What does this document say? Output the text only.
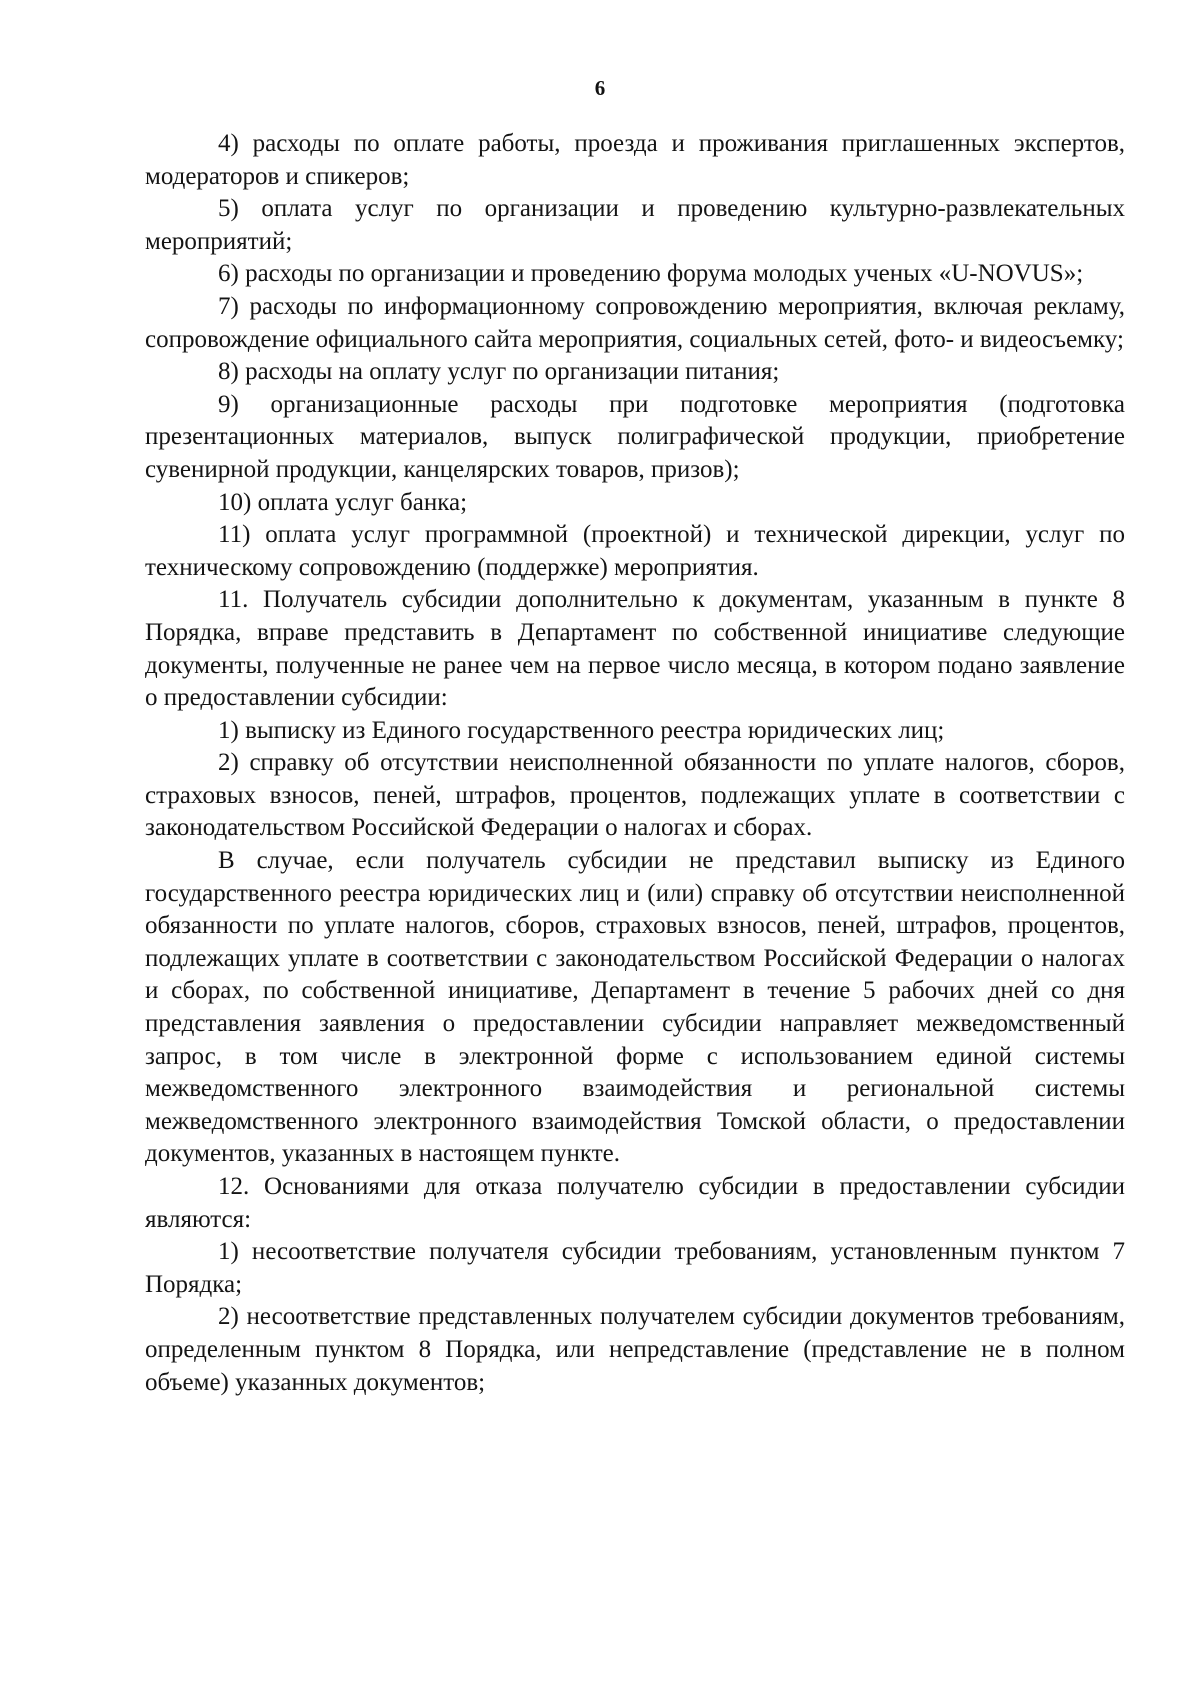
6

4) расходы по оплате работы, проезда и проживания приглашенных экспертов, модераторов и спикеров;

5) оплата услуг по организации и проведению культурно-развлекательных мероприятий;

6) расходы по организации и проведению форума молодых ученых «U-NOVUS»;

7) расходы по информационному сопровождению мероприятия, включая рекламу, сопровождение официального сайта мероприятия, социальных сетей, фото- и видеосъемку;

8) расходы на оплату услуг по организации питания;

9) организационные расходы при подготовке мероприятия (подготовка презентационных материалов, выпуск полиграфической продукции, приобретение сувенирной продукции, канцелярских товаров, призов);

10) оплата услуг банка;

11) оплата услуг программной (проектной) и технической дирекции, услуг по техническому сопровождению (поддержке) мероприятия.

11. Получатель субсидии дополнительно к документам, указанным в пункте 8 Порядка, вправе представить в Департамент по собственной инициативе следующие документы, полученные не ранее чем на первое число месяца, в котором подано заявление о предоставлении субсидии:

1) выписку из Единого государственного реестра юридических лиц;

2) справку об отсутствии неисполненной обязанности по уплате налогов, сборов, страховых взносов, пеней, штрафов, процентов, подлежащих уплате в соответствии с законодательством Российской Федерации о налогах и сборах.

В случае, если получатель субсидии не представил выписку из Единого государственного реестра юридических лиц и (или) справку об отсутствии неисполненной обязанности по уплате налогов, сборов, страховых взносов, пеней, штрафов, процентов, подлежащих уплате в соответствии с законодательством Российской Федерации о налогах и сборах, по собственной инициативе, Департамент в течение 5 рабочих дней со дня представления заявления о предоставлении субсидии направляет межведомственный запрос, в том числе в электронной форме с использованием единой системы межведомственного электронного взаимодействия и региональной системы межведомственного электронного взаимодействия Томской области, о предоставлении документов, указанных в настоящем пункте.

12. Основаниями для отказа получателю субсидии в предоставлении субсидии являются:

1) несоответствие получателя субсидии требованиям, установленным пунктом 7 Порядка;

2) несоответствие представленных получателем субсидии документов требованиям, определенным пунктом 8 Порядка, или непредставление (представление не в полном объеме) указанных документов;
